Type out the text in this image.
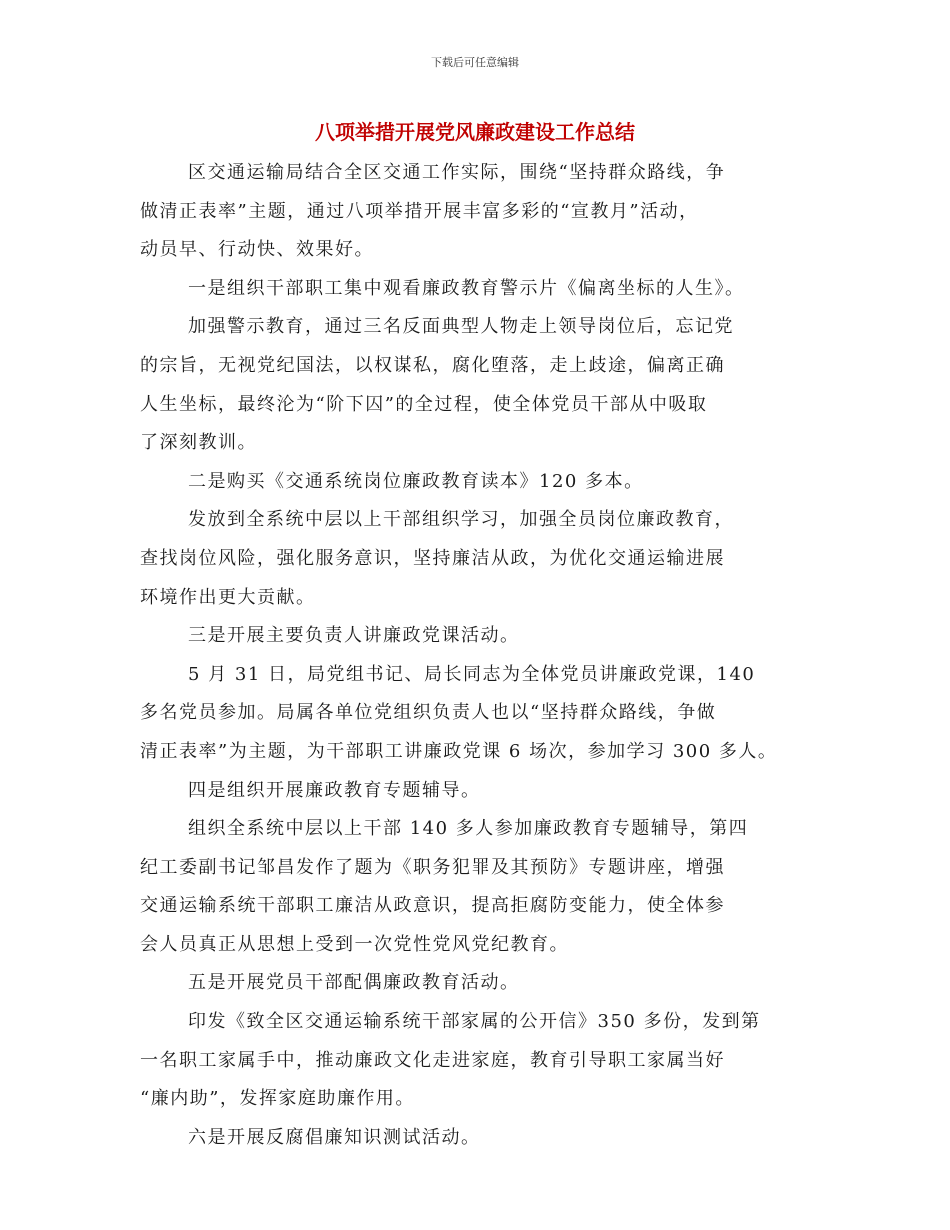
下载后可任意编辑
八项举措开展党风廉政建设工作总结

区交通运输局结合全区交通工作实际，围绕“坚持群众路线，争
做清正表率”主题，通过八项举措开展丰富多彩的“宣教月”活动，
动员早、行动快、效果好。

一是组织干部职工集中观看廉政教育警示片《偏离坐标的人生》。

加强警示教育，通过三名反面典型人物走上领导岗位后，忘记党
的宗旨，无视党纪国法，以权谋私，腐化堕落，走上歧途，偏离正确
人生坐标，最终沦为“阶下囚”的全过程，使全体党员干部从中吸取
了深刻教训。

二是购买《交通系统岗位廉政教育读本》120 多本。

发放到全系统中层以上干部组织学习，加强全员岗位廉政教育，
查找岗位风险，强化服务意识，坚持廉洁从政，为优化交通运输进展
环境作出更大贡献。

三是开展主要负责人讲廉政党课活动。

5 月 31 日，局党组书记、局长同志为全体党员讲廉政党课，140
多名党员参加。局属各单位党组织负责人也以“坚持群众路线，争做
清正表率”为主题，为干部职工讲廉政党课 6 场次，参加学习 300 多人。

四是组织开展廉政教育专题辅导。

组织全系统中层以上干部 140 多人参加廉政教育专题辅导，第四
纪工委副书记邹昌发作了题为《职务犯罪及其预防》专题讲座，增强
交通运输系统干部职工廉洁从政意识，提高拒腐防变能力，使全体参
会人员真正从思想上受到一次党性党风党纪教育。

五是开展党员干部配偶廉政教育活动。

印发《致全区交通运输系统干部家属的公开信》350 多份，发到第
一名职工家属手中，推动廉政文化走进家庭，教育引导职工家属当好
“廉内助”，发挥家庭助廉作用。

六是开展反腐倡廉知识测试活动。
